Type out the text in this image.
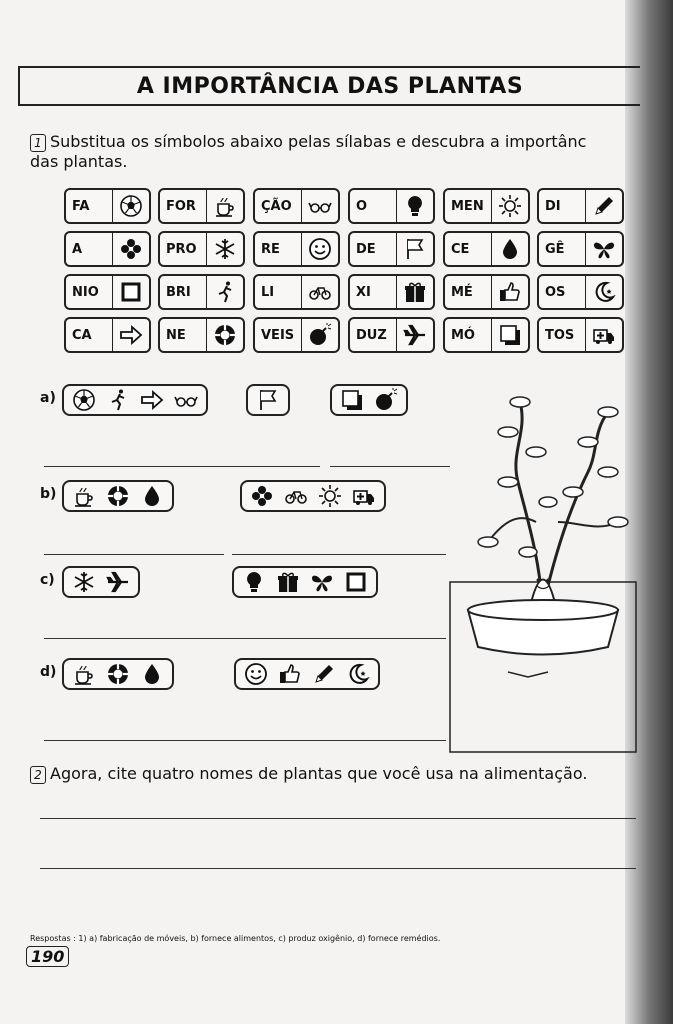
A IMPORTÂNCIA DAS PLANTAS
1 Substitua os símbolos abaixo pelas sílabas e descubra a importânc
das plantas.
FA	FOR	ÇÃO	O	MEN	DI
A	PRO	RE	DE	CE	GÊ
NIO	BRI	LI	XI	MÉ	OS
CA	NE	VEIS	DUZ	MÓ	TOS
a)
b)
c)
d)
2 Agora, cite quatro nomes de plantas que você usa na alimentação.
Respostas : 1) a) fabricação de móveis, b) fornece alimentos, c) produz oxigênio, d) fornece remédios.
190
